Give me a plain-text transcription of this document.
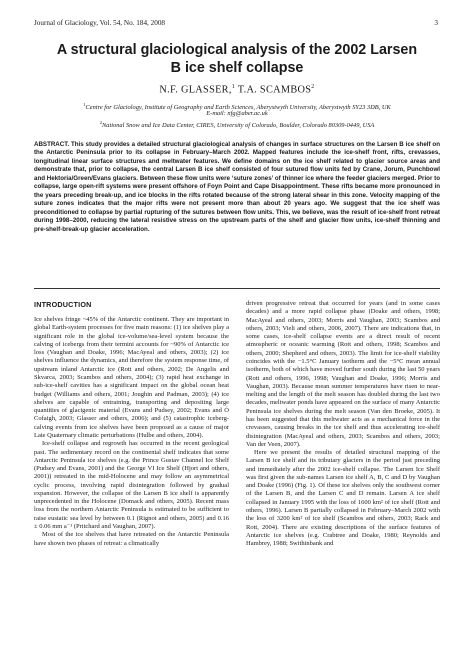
Journal of Glaciology, Vol. 54, No. 184, 2008	3
A structural glaciological analysis of the 2002 Larsen B ice shelf collapse
N.F. GLASSER,$^1$ T.A. SCAMBOS$^2$
$^1$Centre for Glaciology, Institute of Geography and Earth Sciences, Aberystwyth University, Aberystwyth SY23 3DB, UK
E-mail: nfg@aber.ac.uk
$^2$National Snow and Ice Data Center, CIRES, University of Colorado, Boulder, Colorado 80309-0449, USA
ABSTRACT. This study provides a detailed structural glaciological analysis of changes in surface structures on the Larsen B ice shelf on the Antarctic Peninsula prior to its collapse in February–March 2002. Mapped features include the ice-shelf front, rifts, crevasses, longitudinal linear surface structures and meltwater features. We define domains on the ice shelf related to glacier source areas and demonstrate that, prior to collapse, the central Larsen B ice shelf consisted of four sutured flow units fed by Crane, Jorum, Punchbowl and Hektoria/Green/Evans glaciers. Between these flow units were ‘suture zones’ of thinner ice where the feeder glaciers merged. Prior to collapse, large open-rift systems were present offshore of Foyn Point and Cape Disappointment. These rifts became more pronounced in the years preceding break-up, and ice blocks in the rifts rotated because of the strong lateral shear in this zone. Velocity mapping of the suture zones indicates that the major rifts were not present more than about 20 years ago. We suggest that the ice shelf was preconditioned to collapse by partial rupturing of the sutures between flow units. This, we believe, was the result of ice-shelf front retreat during 1998–2000, reducing the lateral resistive stress on the upstream parts of the shelf and glacier flow units, ice-shelf thinning and pre-shelf-break-up glacier acceleration.
INTRODUCTION

Ice shelves fringe ~45% of the Antarctic continent. They are important in global Earth-system processes for five main reasons: (1) ice shelves play a significant role in the global ice-volume/sea-level system because the calving of icebergs from their termini accounts for ~90% of Antarctic ice loss (Vaughan and Doake, 1996; MacAyeal and others, 2003); (2) ice shelves influence the dynamics, and therefore the system response time, of upstream inland Antarctic ice (Rott and others, 2002; De Angelis and Skvarca, 2003; Scambos and others, 2004); (3) rapid heat exchange in sub-ice-shelf cavities has a significant impact on the global ocean heat budget (Williams and others, 2001; Joughin and Padman, 2003); (4) ice shelves are capable of entraining, transporting and depositing large quantities of glacigenic material (Evans and Pudsey, 2002; Evans and Ó Cofaigh, 2003; Glasser and others, 2006); and (5) catastrophic iceberg-calving events from ice shelves have been proposed as a cause of major Late Quaternary climatic perturbations (Hulbe and others, 2004).

Ice-shelf collapse and regrowth has occurred in the recent geological past. The sedimentary record on the continental shelf indicates that some Antarctic Peninsula ice shelves (e.g. the Prince Gustav Channel Ice Shelf (Pudsey and Evans, 2001) and the George VI Ice Shelf (Hjort and others, 2001)) retreated in the mid-Holocene and may follow an asymmetrical cyclic process, involving rapid disintegration followed by gradual expansion. However, the collapse of the Larsen B ice shelf is apparently unprecedented in the Holocene (Domack and others, 2005). Recent mass loss from the northern Antarctic Peninsula is estimated to be sufficient to raise eustatic sea level by between 0.1 (Rignot and others, 2005) and 0.16 ± 0.06 mm a⁻¹ (Pritchard and Vaughan, 2007).

Most of the ice shelves that have retreated on the Antarctic Peninsula have shown two phases of retreat: a climatically

driven progressive retreat that occurred for years (and in some cases decades) and a more rapid collapse phase (Doake and others, 1998; MacAyeal and others, 2003; Morris and Vaughan, 2003; Scambos and others, 2003; Vieli and others, 2006, 2007). There are indications that, in some cases, ice-shelf collapse events are a direct result of recent atmospheric or oceanic warming (Rott and others, 1998; Scambos and others, 2000; Shepherd and others, 2003). The limit for ice-shelf viability coincides with the −1.5°C January isotherm and the −5°C mean annual isotherm, both of which have moved further south during the last 50 years (Rott and others, 1996, 1998; Vaughan and Doake, 1996; Morris and Vaughan, 2003). Because mean summer temperatures have risen to near-melting and the length of the melt season has doubled during the last two decades, meltwater ponds have appeared on the surface of many Antarctic Peninsula ice shelves during the melt season (Van den Broeke, 2005). It has been suggested that this meltwater acts as a mechanical force in the crevasses, causing breaks in the ice shelf and thus accelerating ice-shelf disintegration (MacAyeal and others, 2003; Scambos and others, 2003; Van der Veen, 2007).

Here we present the results of detailed structural mapping of the Larsen B ice shelf and its tributary glaciers in the period just preceding and immediately after the 2002 ice-shelf collapse. The Larsen Ice Shelf was first given the sub-names Larsen ice shelf A, B, C and D by Vaughan and Doake (1996) (Fig. 1). Of these ice shelves only the southwest corner of the Larsen B, and the Larsen C and D remain. Larsen A ice shelf collapsed in January 1995 with the loss of 1600 km² of ice shelf (Rott and others, 1996). Larsen B partially collapsed in February–March 2002 with the loss of 3200 km² of ice shelf (Scambos and others, 2003; Rack and Rott, 2004). There are existing descriptions of the surface features of Antarctic ice shelves (e.g. Crabtree and Doake, 1980; Reynolds and Hambrey, 1988; Swithinbank and
